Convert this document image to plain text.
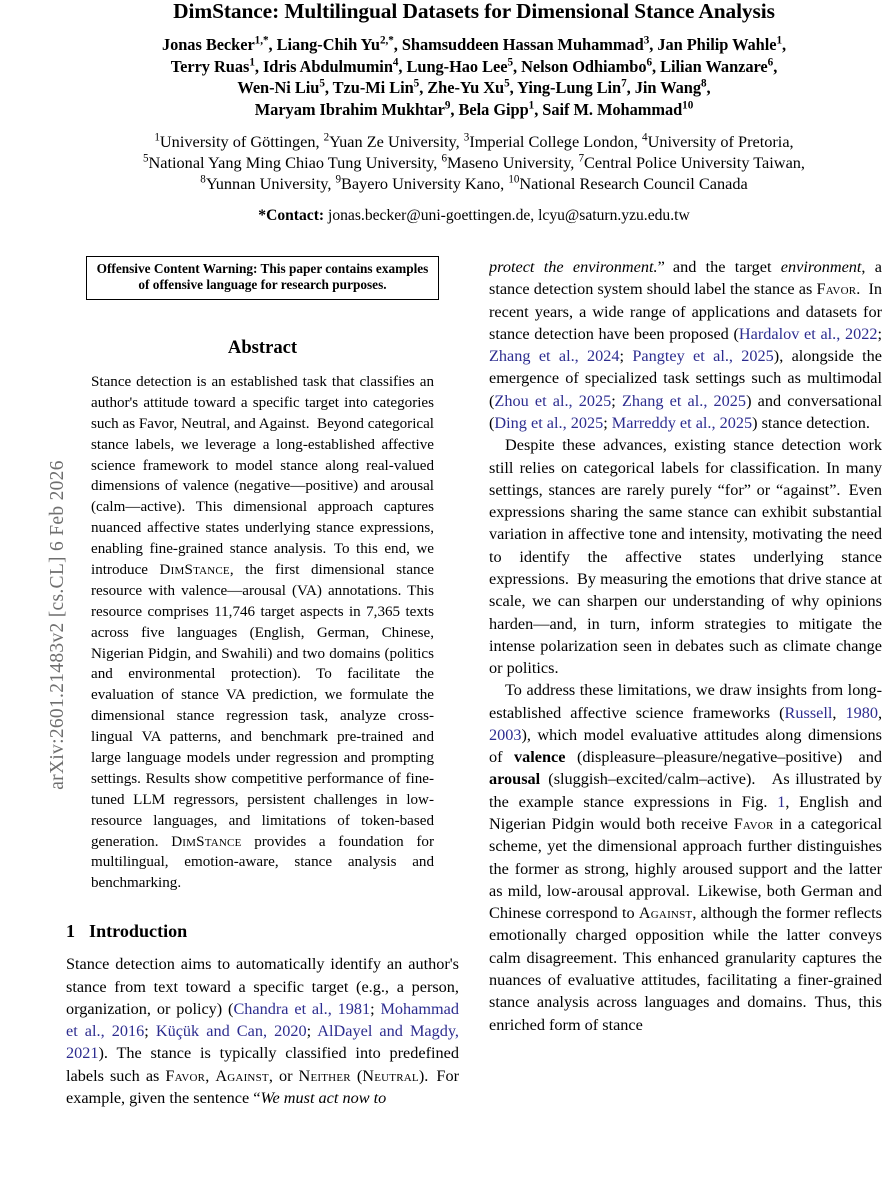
arXiv:2601.21483v2 [cs.CL] 6 Feb 2026
DimStance: Multilingual Datasets for Dimensional Stance Analysis
Jonas Becker$^{1,*}$, Liang-Chih $Yu^{2,*}$, Shamsuddeen Hassan Muhammad$^3$, Jan Philip Wahle$^1$,
Terry Ruas$^1$, Idris Abdulmumin$^4$, Lung-Hao Lee$^5$, Nelson Odhiambo$^6$, Lilian Wanzare$^6$,
Wen-Ni Liu$^5$, Tzu-Mi Lin$^5$, Zhe-Yu Xu$^5$, Ying-Lung Lin$^7$, Jin Wang$^8$,
Maryam Ibrahim Mukhtar$^9$, Bela Gipp$^1$, Saif M. Mohammad$^{10}$
$^1$University of Göttingen, $^2$Yuan Ze University, $^3$Imperial College London, $^4$University of Pretoria,
$^5$National Yang Ming Chiao Tung University, $^6$Maseno University, $^7$Central Police University Taiwan,
$^8$Yunnan University, $^9$Bayero University Kano, $^{10}$National Research Council Canada
*Contact: jonas.becker@uni-goettingen.de, lcyu@saturn.yzu.edu.tw
Offensive Content Warning: This paper contains examples of offensive language for research purposes.
Abstract
Stance detection is an established task that classifies an author's attitude toward a specific target into categories such as Favor, Neutral, and Against. Beyond categorical stance labels, we leverage a long-established affective science framework to model stance along real-valued dimensions of valence (negative—positive) and arousal (calm—active). This dimensional approach captures nuanced affective states underlying stance expressions, enabling fine-grained stance analysis. To this end, we introduce DimStance, the first dimensional stance resource with valence—arousal (VA) annotations. This resource comprises 11,746 target aspects in 7,365 texts across five languages (English, German, Chinese, Nigerian Pidgin, and Swahili) and two domains (politics and environmental protection). To facilitate the evaluation of stance VA prediction, we formulate the dimensional stance regression task, analyze cross-lingual VA patterns, and benchmark pre-trained and large language models under regression and prompting settings. Results show competitive performance of fine-tuned LLM regressors, persistent challenges in low-resource languages, and limitations of token-based generation. DimStance provides a foundation for multilingual, emotion-aware, stance analysis and benchmarking.
1 Introduction

Stance detection aims to automatically identify an author's stance from text toward a specific target (e.g., a person, organization, or policy) (Chandra et al., 1981; Mohammad et al., 2016; Küçük and Can, 2020; AlDayel and Magdy, 2021). The stance is typically classified into predefined labels such as Favor, Against, or Neither (Neutral). For example, given the sentence “We must act now to

protect the environment.” and the target environment, a stance detection system should label the stance as Favor. In recent years, a wide range of applications and datasets for stance detection have been proposed (Hardalov et al., 2022; Zhang et al., 2024; Pangtey et al., 2025), alongside the emergence of specialized task settings such as multimodal (Zhou et al., 2025; Zhang et al., 2025) and conversational (Ding et al., 2025; Marreddy et al., 2025) stance detection.

Despite these advances, existing stance detection work still relies on categorical labels for classification. In many settings, stances are rarely purely “for” or “against”. Even expressions sharing the same stance can exhibit substantial variation in affective tone and intensity, motivating the need to identify the affective states underlying stance expressions. By measuring the emotions that drive stance at scale, we can sharpen our understanding of why opinions harden—and, in turn, inform strategies to mitigate the intense polarization seen in debates such as climate change or politics.

To address these limitations, we draw insights from long-established affective science frameworks (Russell, 1980, 2003), which model evaluative attitudes along dimensions of valence (displeasure–pleasure/negative–positive)  and arousal (sluggish–excited/calm–active).  As illustrated by the example stance expressions in Fig. 1, English and Nigerian Pidgin would both receive Favor in a categorical scheme, yet the dimensional approach further distinguishes the former as strong, highly aroused support and the latter as mild, low-arousal approval. Likewise, both German and Chinese correspond to Against, although the former reflects emotionally charged opposition while the latter conveys calm disagreement. This enhanced granularity captures the nuances of evaluative attitudes, facilitating a finer-grained stance analysis across languages and domains. Thus, this enriched form of stance
